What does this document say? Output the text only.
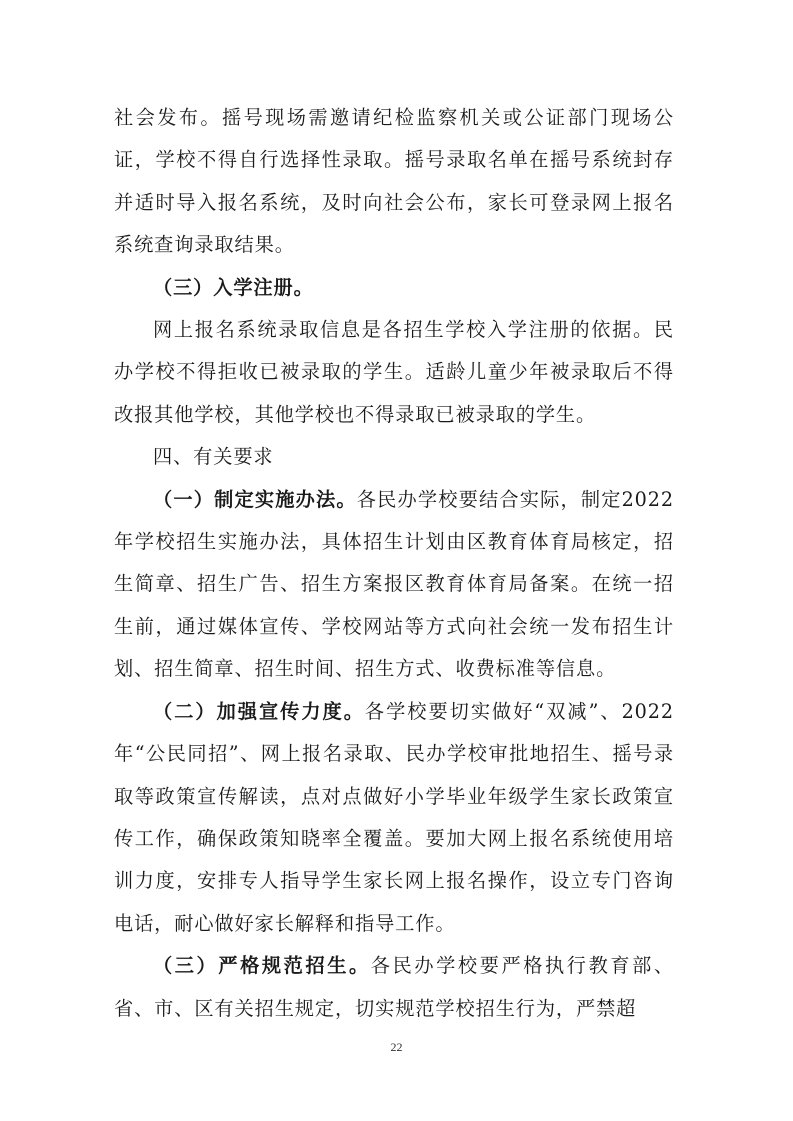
社会发布。摇号现场需邀请纪检监察机关或公证部门现场公证，学校不得自行选择性录取。摇号录取名单在摇号系统封存并适时导入报名系统，及时向社会公布，家长可登录网上报名系统查询录取结果。

（三）入学注册。

网上报名系统录取信息是各招生学校入学注册的依据。民办学校不得拒收已被录取的学生。适龄儿童少年被录取后不得改报其他学校，其他学校也不得录取已被录取的学生。

四、有关要求

（一）制定实施办法。各民办学校要结合实际，制定2022年学校招生实施办法，具体招生计划由区教育体育局核定，招生简章、招生广告、招生方案报区教育体育局备案。在统一招生前，通过媒体宣传、学校网站等方式向社会统一发布招生计划、招生简章、招生时间、招生方式、收费标准等信息。

（二）加强宣传力度。各学校要切实做好“双减”、2022年“公民同招”、网上报名录取、民办学校审批地招生、摇号录取等政策宣传解读，点对点做好小学毕业年级学生家长政策宣传工作，确保政策知晓率全覆盖。要加大网上报名系统使用培训力度，安排专人指导学生家长网上报名操作，设立专门咨询电话，耐心做好家长解释和指导工作。

（三）严格规范招生。各民办学校要严格执行教育部、省、市、区有关招生规定，切实规范学校招生行为，严禁超

22
